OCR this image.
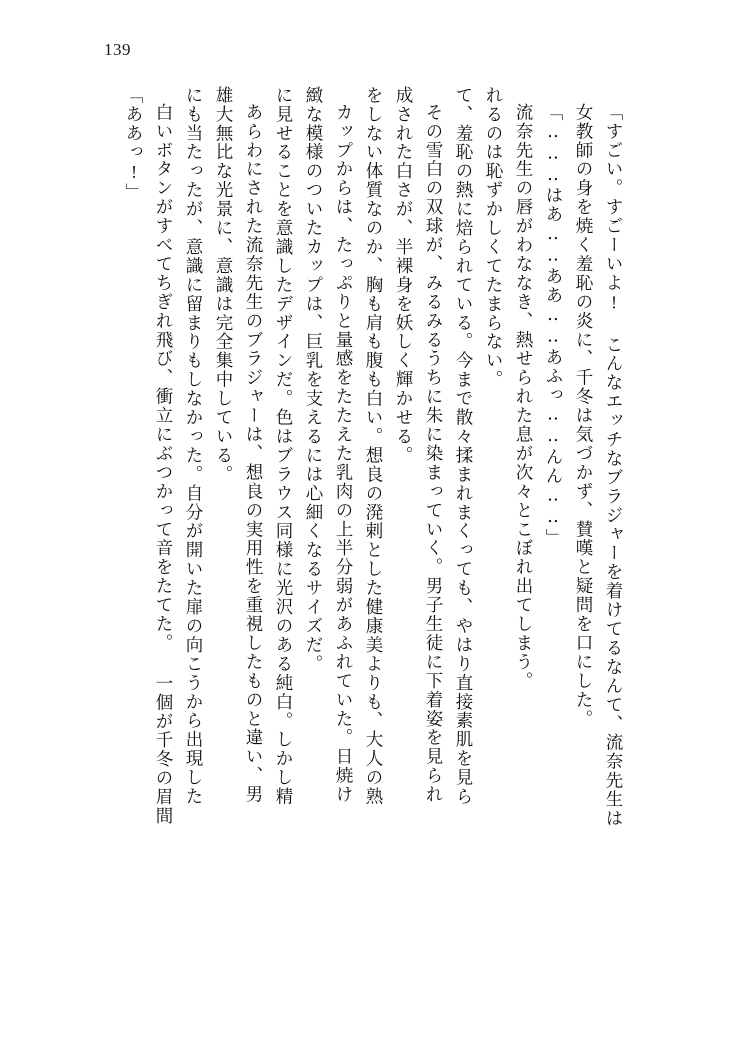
139
「ああっ!」 白いボタンがすべてちぎれ飛び、衝立にぶつかって音をたてた。 一個が千冬の眉間 にも当たったが、意識に留まりもしなかった。自分が開いた扉の向こうから出現した 雄大無比な光景に、意識は完全集中している。 あらわにされた流奈先生のブラジャーは、想良の実用性を重視したものと違い、男 に見せることを意識したデザインだ。色はブラウス同様に光沢のある純白。しかし精 緻な模様のついたカップは、巨乳を支えるには心細くなるサイズだ。 カップからは、たっぷりと量感をたたえた乳肉の上半分弱があふれていた。日焼け をしない体質なのか、胸も肩も腹も白い。想良の溌剌とした健康美よりも、大人の熟 成された白さが、半裸身を妖しく輝かせる。 その雪白の双球が、みるみるうちに朱に染まっていく。男子生徒に下着姿を見られ て、羞恥の熱に焙られている。今まで散々揉まれまくっても、やはり直接素肌を見ら れるのは恥ずかしくてたまらない。 流奈先生の唇がわななき、熱せられた息が次々とこぼれ出てしまう。 「‥‥‥はあ‥‥ああ‥‥あふっ‥‥んん‥‥」 女教師の身を焼く羞恥の炎に、千冬は気づかず、賛嘆と疑問を口にした。 「すごい。すごーいよ! こんなエッチなブラジャーを着けてるなんて、流奈先生は
